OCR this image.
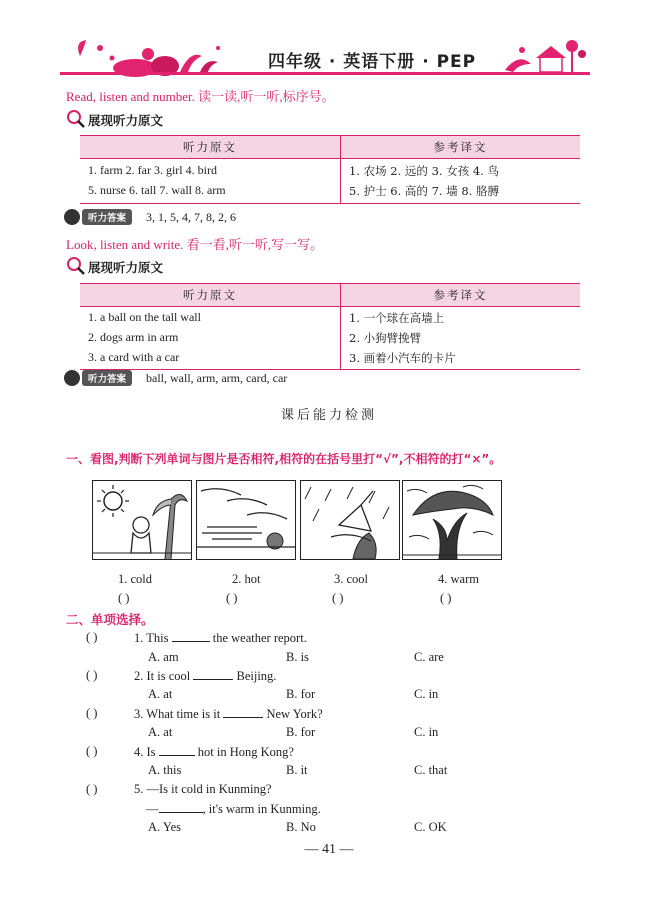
四年级 · 英语下册 · PEP
Read, listen and number. 读一读,听一听,标序号。
展现听力原文
听力原文	参考译文
1. farm 2. far 3. girl 4. bird	1. 农场 2. 远的 3. 女孩 4. 鸟
5. nurse 6. tall 7. wall 8. arm	5. 护士 6. 高的 7. 墙 8. 胳膊
听力答案	3, 1, 5, 4, 7, 8, 2, 6
Look, listen and write. 看一看,听一听,写一写。
展现听力原文
听力原文	参考译文
1. a ball on the tall wall	1. 一个球在高墙上
2. dogs arm in arm	2. 小狗臂挽臂
3. a card with a car	3. 画着小汽车的卡片
听力答案	ball, wall, arm, arm, card, car
课后能力检测
一、看图,判断下列单词与图片是否相符,相符的在括号里打“√”,不相符的打“×”。
1. cold	2. hot	3. cool	4. warm
( )	( )	( )	( )
二、单项选择。
( )	1. This	the weather report.
A. am	B. is	C. are
( )	2. It is cool	Beijing.
A. at	B. for	C. in
( )	3. What time is it	New York?
A. at	B. for	C. in
( )	4. Is	hot in Hong Kong?
A. this	B. it	C. that
( )	5. —Is it cold in Kunming?
—	, it's warm in Kunming.
A. Yes	B. No	C. OK
— 41 —
